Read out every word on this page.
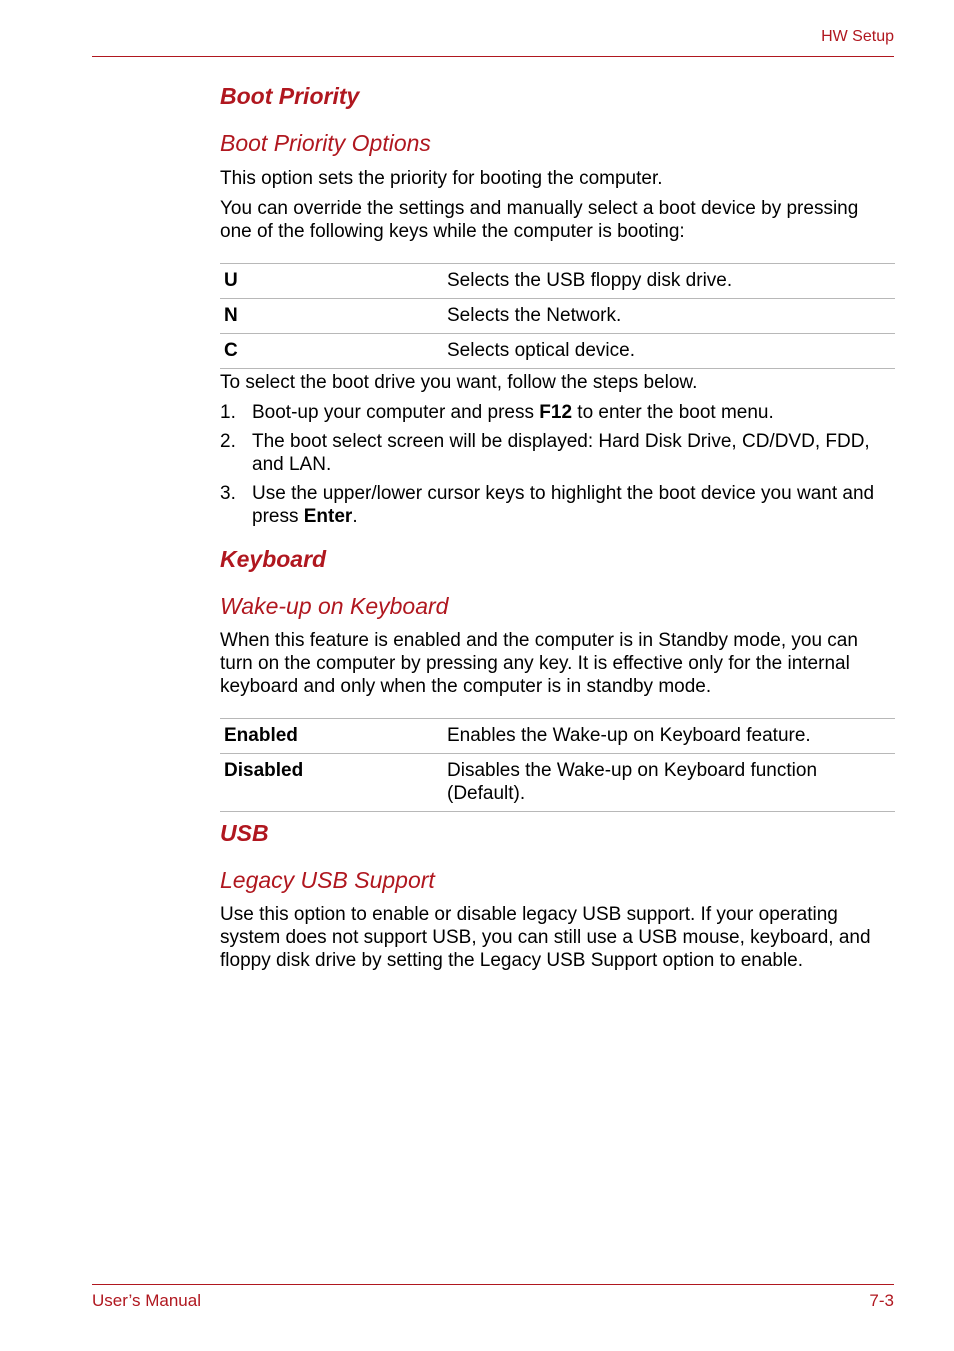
HW Setup
Boot Priority
Boot Priority Options

This option sets the priority for booting the computer.

You can override the settings and manually select a boot device by pressing one of the following keys while the computer is booting:

U	Selects the USB floppy disk drive.
N	Selects the Network.
C	Selects optical device.

To select the boot drive you want, follow the steps below.

1. Boot-up your computer and press F12 to enter the boot menu.
2. The boot select screen will be displayed: Hard Disk Drive, CD/DVD, FDD, and LAN.
3. Use the upper/lower cursor keys to highlight the boot device you want and press Enter.
Keyboard
Wake-up on Keyboard

When this feature is enabled and the computer is in Standby mode, you can turn on the computer by pressing any key. It is effective only for the internal keyboard and only when the computer is in standby mode.

Enabled	Enables the Wake-up on Keyboard feature.
Disabled	Disables the Wake-up on Keyboard function (Default).
USB
Legacy USB Support

Use this option to enable or disable legacy USB support. If your operating system does not support USB, you can still use a USB mouse, keyboard, and floppy disk drive by setting the Legacy USB Support option to enable.

User’s Manual	7-3
